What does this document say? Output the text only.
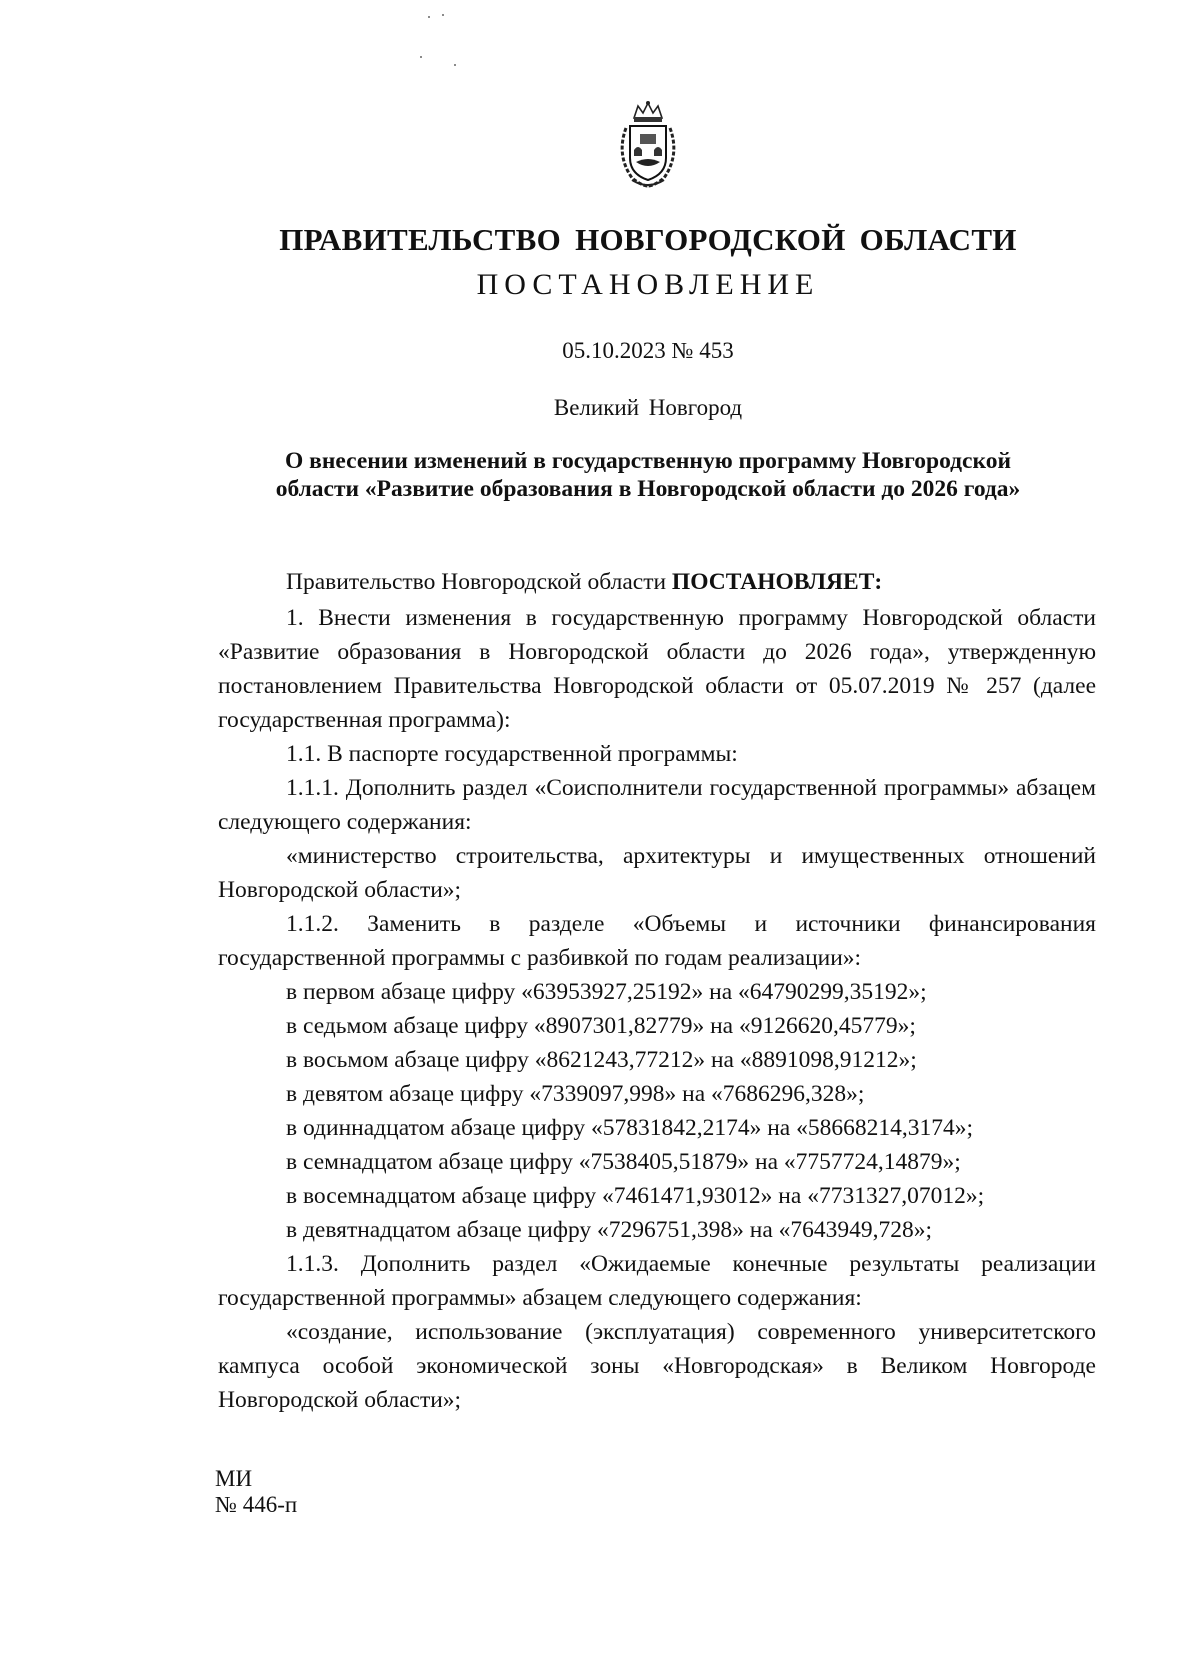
ПРАВИТЕЛЬСТВО НОВГОРОДСКОЙ ОБЛАСТИ
ПОСТАНОВЛЕНИЕ
05.10.2023 № 453
Великий Новгород
О внесении изменений в государственную программу Новгородской
области «Развитие образования в Новгородской области до 2026 года»

Правительство Новгородской области ПОСТАНОВЛЯЕТ:

1. Внести изменения в государственную программу Новгородской области «Развитие образования в Новгородской области до 2026 года», утвержденную постановлением Правительства Новгородской области от 05.07.2019 № 257 (далее государственная программа):

1.1. В паспорте государственной программы:

1.1.1. Дополнить раздел «Соисполнители государственной программы» абзацем следующего содержания:

«министерство строительства, архитектуры и имущественных отношений Новгородской области»;

1.1.2. Заменить в разделе «Объемы и источники финансирования государственной программы с разбивкой по годам реализации»:

в первом абзаце цифру «63953927,25192» на «64790299,35192»;

в седьмом абзаце цифру «8907301,82779» на «9126620,45779»;

в восьмом абзаце цифру «8621243,77212» на «8891098,91212»;

в девятом абзаце цифру «7339097,998» на «7686296,328»;

в одиннадцатом абзаце цифру «57831842,2174» на «58668214,3174»;

в семнадцатом абзаце цифру «7538405,51879» на «7757724,14879»;

в восемнадцатом абзаце цифру «7461471,93012» на «7731327,07012»;

в девятнадцатом абзаце цифру «7296751,398» на «7643949,728»;

1.1.3. Дополнить раздел «Ожидаемые конечные результаты реализации государственной программы» абзацем следующего содержания:

«создание, использование (эксплуатация) современного университетского кампуса особой экономической зоны «Новгородская» в Великом Новгороде Новгородской области»;

МИ
№ 446-п
